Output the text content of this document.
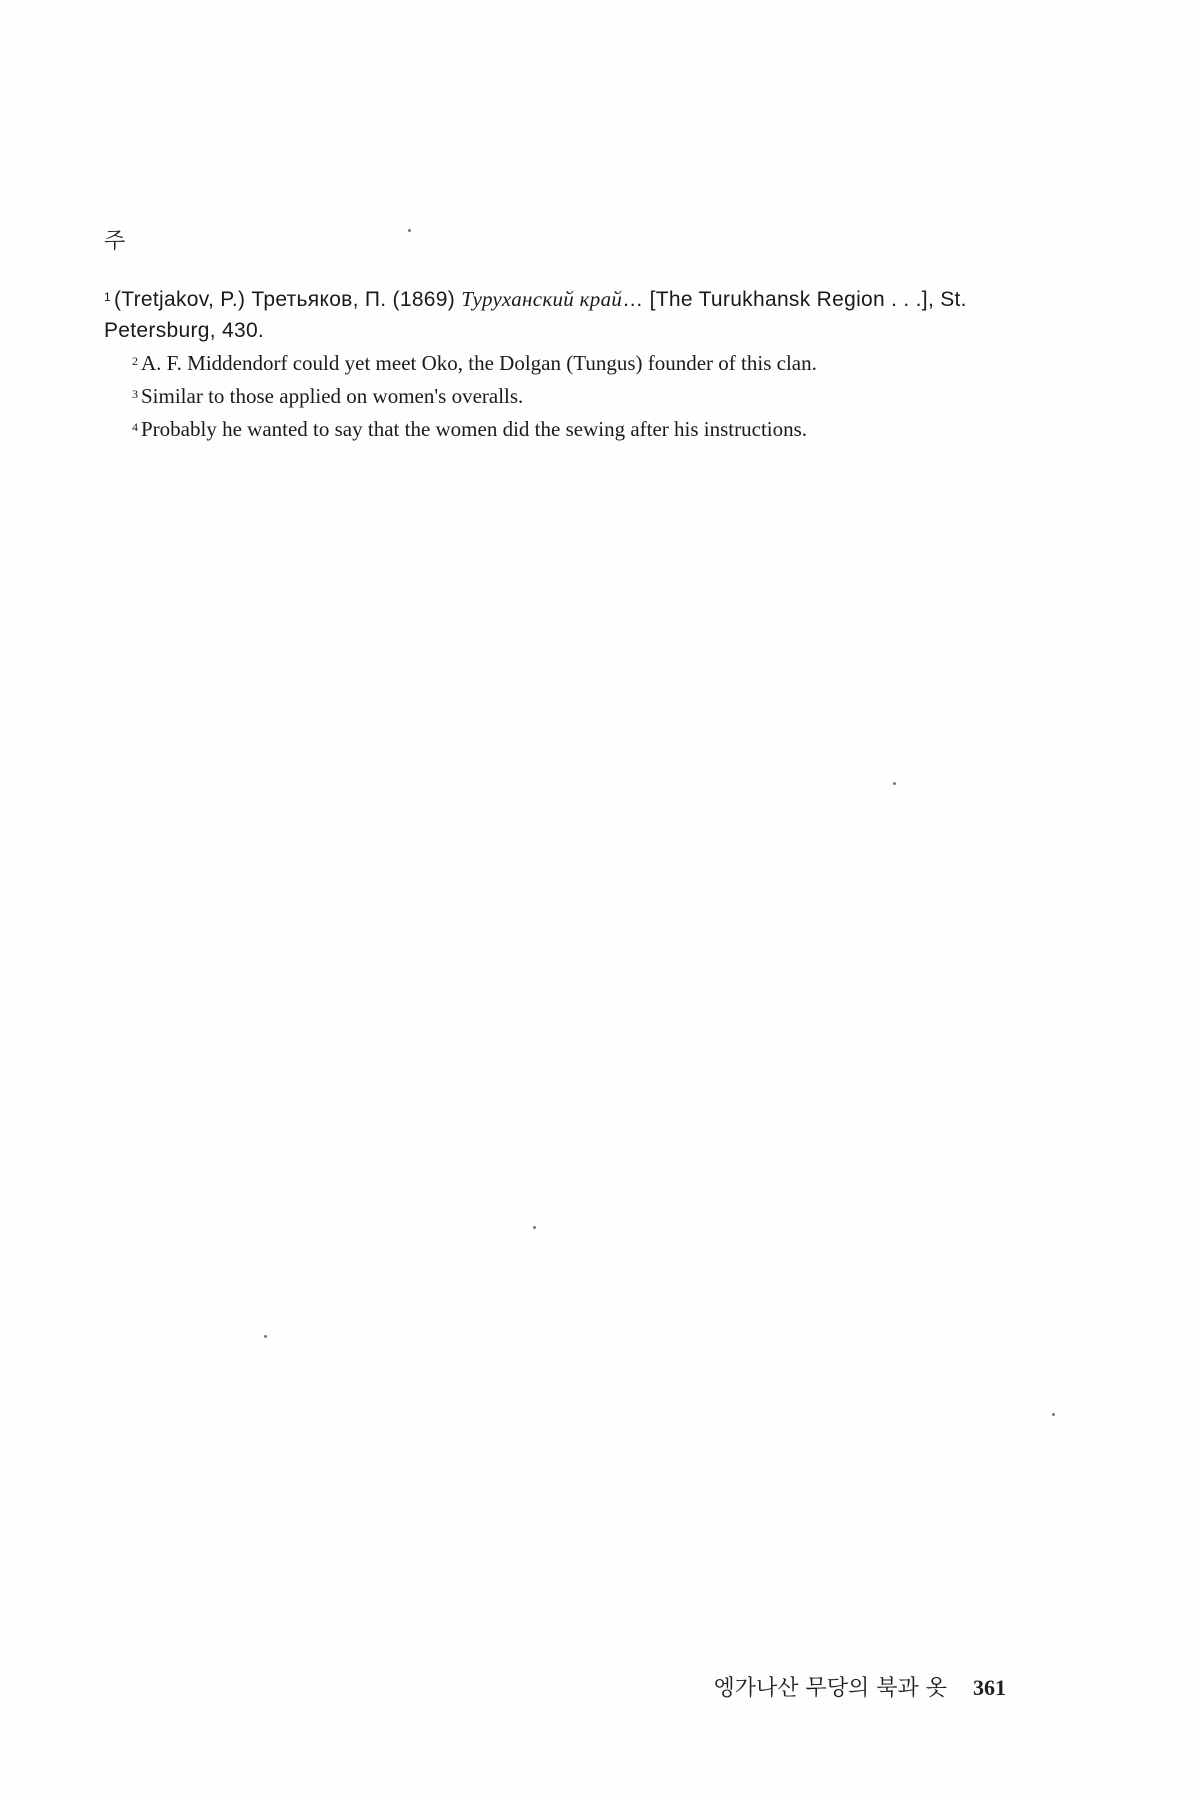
주

$^1$ (Tretjakov, P.) Третьяков, П. (1869) Туруханский край… [The Turukhansk Region . . .], St. Petersburg, 430.

$^2$ A. F. Middendorf could yet meet Oko, the Dolgan (Tungus) founder of this clan.

$^3$ Similar to those applied on women's overalls.

$^4$ Probably he wanted to say that the women did the sewing after his instructions.

엥가나산 무당의 북과 옷 361
